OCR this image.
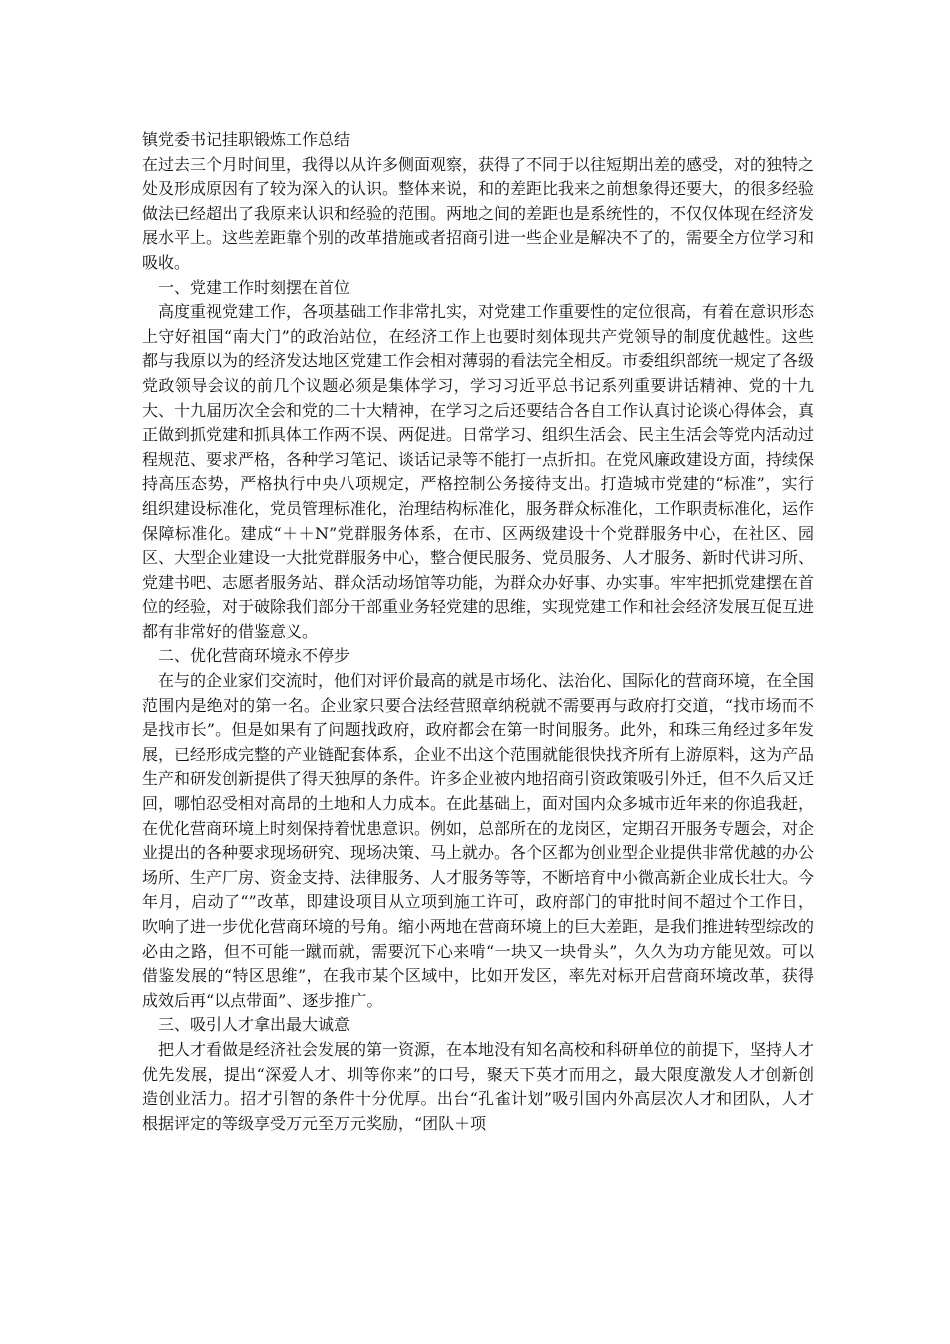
镇党委书记挂职锻炼工作总结

在过去三个月时间里，我得以从许多侧面观察，获得了不同于以往短期出差的感受，对的独特之处及形成原因有了较为深入的认识。整体来说，和的差距比我来之前想象得还要大，的很多经验做法已经超出了我原来认识和经验的范围。两地之间的差距也是系统性的，不仅仅体现在经济发展水平上。这些差距靠个别的改革措施或者招商引进一些企业是解决不了的，需要全方位学习和吸收。

一、党建工作时刻摆在首位

高度重视党建工作，各项基础工作非常扎实，对党建工作重要性的定位很高，有着在意识形态上守好祖国“南大门”的政治站位，在经济工作上也要时刻体现共产党领导的制度优越性。这些都与我原以为的经济发达地区党建工作会相对薄弱的看法完全相反。市委组织部统一规定了各级党政领导会议的前几个议题必须是集体学习，学习习近平总书记系列重要讲话精神、党的十九大、十九届历次全会和党的二十大精神，在学习之后还要结合各自工作认真讨论谈心得体会，真正做到抓党建和抓具体工作两不误、两促进。日常学习、组织生活会、民主生活会等党内活动过程规范、要求严格，各种学习笔记、谈话记录等不能打一点折扣。在党风廉政建设方面，持续保持高压态势，严格执行中央八项规定，严格控制公务接待支出。打造城市党建的“标准”，实行组织建设标准化，党员管理标准化，治理结构标准化，服务群众标准化，工作职责标准化，运作保障标准化。建成“＋＋N”党群服务体系，在市、区两级建设十个党群服务中心，在社区、园区、大型企业建设一大批党群服务中心，整合便民服务、党员服务、人才服务、新时代讲习所、党建书吧、志愿者服务站、群众活动场馆等功能，为群众办好事、办实事。牢牢把抓党建摆在首位的经验，对于破除我们部分干部重业务轻党建的思维，实现党建工作和社会经济发展互促互进都有非常好的借鉴意义。

二、优化营商环境永不停步

在与的企业家们交流时，他们对评价最高的就是市场化、法治化、国际化的营商环境，在全国范围内是绝对的第一名。企业家只要合法经营照章纳税就不需要再与政府打交道，“找市场而不是找市长”。但是如果有了问题找政府，政府都会在第一时间服务。此外，和珠三角经过多年发展，已经形成完整的产业链配套体系，企业不出这个范围就能很快找齐所有上游原料，这为产品生产和研发创新提供了得天独厚的条件。许多企业被内地招商引资政策吸引外迁，但不久后又迁回，哪怕忍受相对高昂的土地和人力成本。在此基础上，面对国内众多城市近年来的你追我赶，在优化营商环境上时刻保持着忧患意识。例如，总部所在的龙岗区，定期召开服务专题会，对企业提出的各种要求现场研究、现场决策、马上就办。各个区都为创业型企业提供非常优越的办公场所、生产厂房、资金支持、法律服务、人才服务等等，不断培育中小微高新企业成长壮大。今年月，启动了“”改革，即建设项目从立项到施工许可，政府部门的审批时间不超过个工作日，吹响了进一步优化营商环境的号角。缩小两地在营商环境上的巨大差距，是我们推进转型综改的必由之路，但不可能一蹴而就，需要沉下心来啃“一块又一块骨头”，久久为功方能见效。可以借鉴发展的“特区思维”，在我市某个区域中，比如开发区，率先对标开启营商环境改革，获得成效后再“以点带面”、逐步推广。

三、吸引人才拿出最大诚意

把人才看做是经济社会发展的第一资源，在本地没有知名高校和科研单位的前提下，坚持人才优先发展，提出“深爱人才、圳等你来”的口号，聚天下英才而用之，最大限度激发人才创新创造创业活力。招才引智的条件十分优厚。出台“孔雀计划”吸引国内外高层次人才和团队，人才根据评定的等级享受万元至万元奖励，“团队＋项
